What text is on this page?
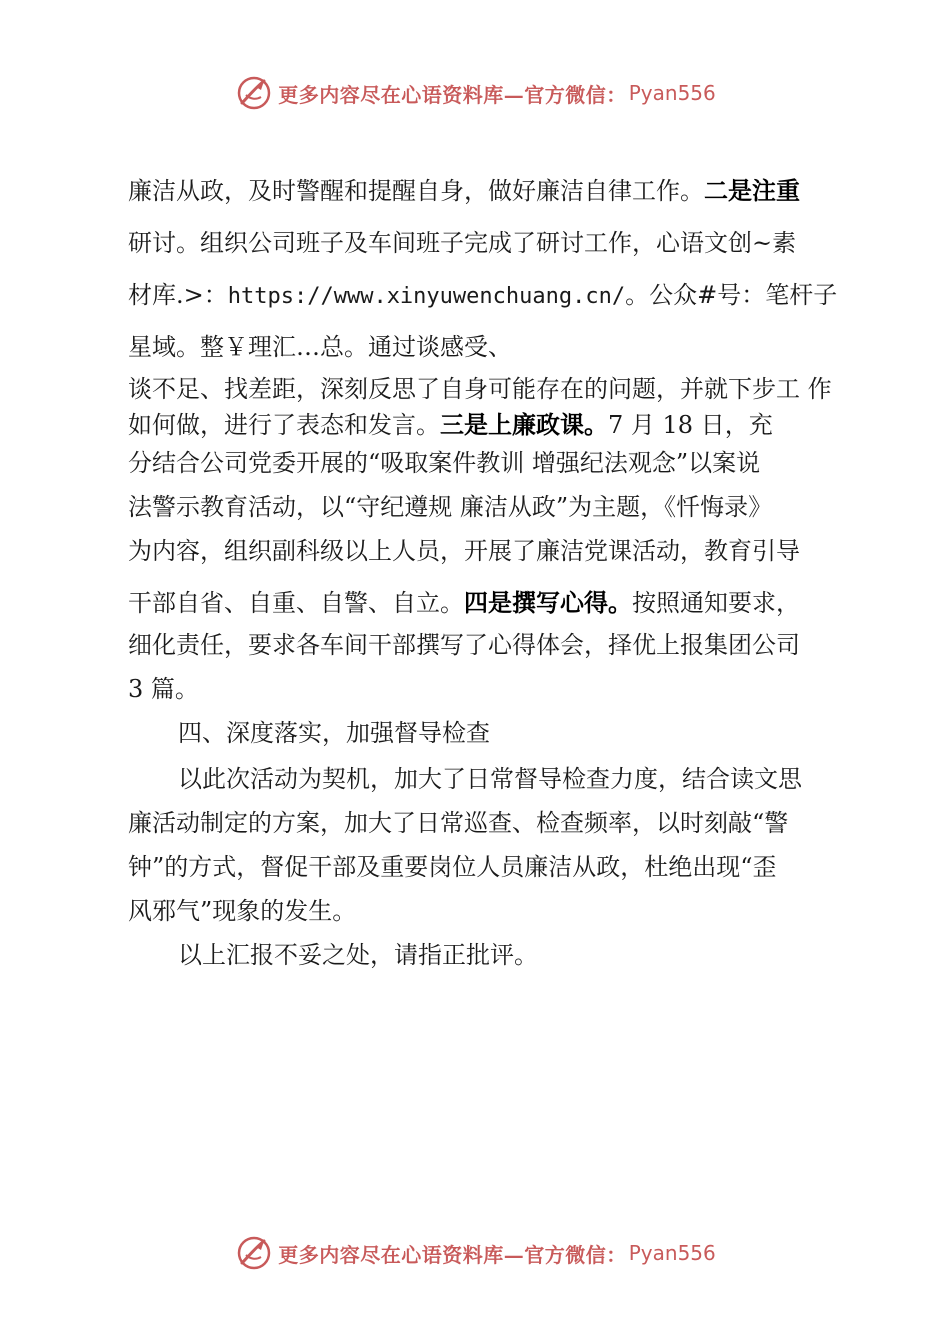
更多内容尽在心语资料库—官方微信： Pyan556
廉洁从政，及时警醒和提醒自身，做好廉洁自律工作。二是注重
研讨。组织公司班子及车间班子完成了研讨工作，心语文创~素
材库.>：https://www.xinyuwenchuang.cn/。公众#号：笔杆子
星域。整￥理汇…总。通过谈感受、
谈不足、找差距，深刻反思了自身可能存在的问题，并就下步工 作
如何做，进行了表态和发言。三是上廉政课。7 月 18 日，充
分结合公司党委开展的“吸取案件教训 增强纪法观念”以案说
法警示教育活动，以“守纪遵规 廉洁从政”为主题，《忏悔录》
为内容，组织副科级以上人员，开展了廉洁党课活动，教育引导
干部自省、自重、自警、自立。四是撰写心得。按照通知要求，
细化责任，要求各车间干部撰写了心得体会，择优上报集团公司
3 篇。
四、深度落实，加强督导检查
以此次活动为契机，加大了日常督导检查力度，结合读文思
廉活动制定的方案，加大了日常巡查、检查频率，以时刻敲“警
钟”的方式，督促干部及重要岗位人员廉洁从政，杜绝出现“歪
风邪气”现象的发生。
以上汇报不妥之处，请指正批评。
更多内容尽在心语资料库—官方微信： Pyan556
